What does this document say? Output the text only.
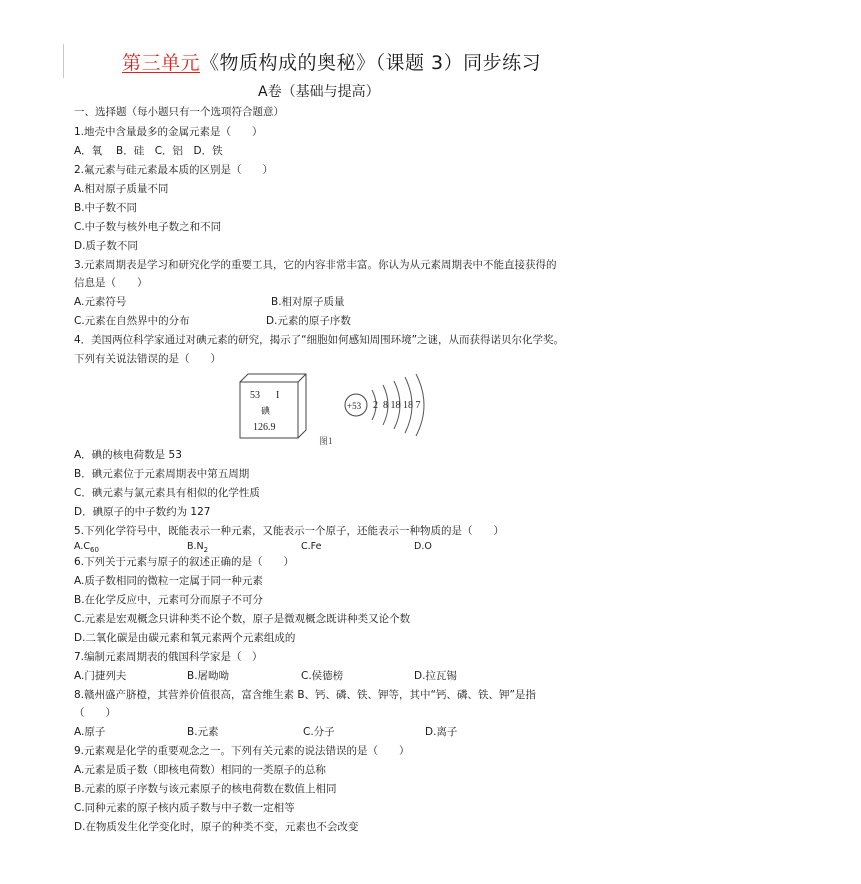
第三单元《物质构成的奥秘》（课题 3）同步练习
A卷（基础与提高）
一、选择题（每小题只有一个选项符合题意）
1.地壳中含量最多的金属元素是（　　）
A．氧　 B．硅　C．铝　D．铁
2.氟元素与硅元素最本质的区别是（　　）
A.相对原子质量不同
B.中子数不同
C.中子数与核外电子数之和不同
D.质子数不同
3.元素周期表是学习和研究化学的重要工具，它的内容非常丰富。你认为从元素周期表中不能直接获得的
信息是（　　）
A.元素符号	B.相对原子质量
C.元素在自然界中的分布	D.元素的原子序数
4．美国两位科学家通过对碘元素的研究，揭示了“细胞如何感知周围环境”之谜，从而获得诺贝尔化学奖。
下列有关说法错误的是（　　）
53 I
碘
126.9
+53 2  8 18 18 7
图1
A．碘的核电荷数是 53
B．碘元素位于元素周期表中第五周期
C．碘元素与氯元素具有相似的化学性质
D．碘原子的中子数约为 127
5.下列化学符号中，既能表示一种元素，又能表示一个原子，还能表示一种物质的是（　　）
$A.C_{60}$	$B.N_2$	C.Fe	D.O
6.下列关于元素与原子的叙述正确的是（　　）
A.质子数相同的微粒一定属于同一种元素
B.在化学反应中，元素可分而原子不可分
C.元素是宏观概念只讲种类不论个数，原子是微观概念既讲种类又论个数
D.二氧化碳是由碳元素和氧元素两个元素组成的
7.编制元素周期表的俄国科学家是（　）
A.门捷列夫	B.屠呦呦	C.侯德榜	D.拉瓦锡
8.赣州盛产脐橙，其营养价值很高，富含维生素 B、钙、磷、铁、钾等，其中“钙、磷、铁、钾”是指
（　　）
A.原子	B.元素	C.分子	D.离子
9.元素观是化学的重要观念之一。下列有关元素的说法错误的是（　　）
A.元素是质子数（即核电荷数）相同的一类原子的总称
B.元素的原子序数与该元素原子的核电荷数在数值上相同
C.同种元素的原子核内质子数与中子数一定相等
D.在物质发生化学变化时，原子的种类不变，元素也不会改变
